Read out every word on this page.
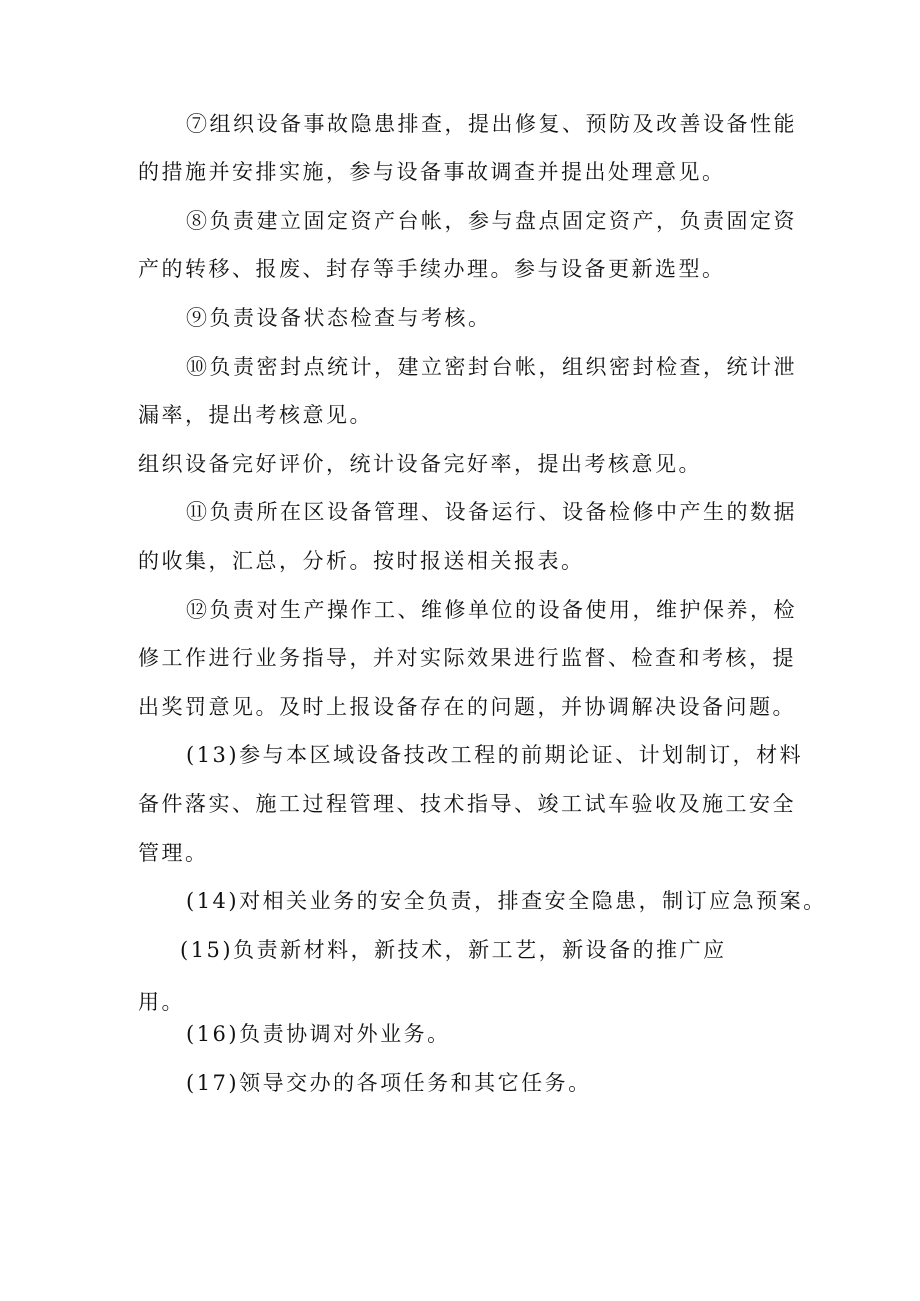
⑦组织设备事故隐患排查，提出修复、预防及改善设备性能
的措施并安排实施，参与设备事故调查并提出处理意见。
⑧负责建立固定资产台帐，参与盘点固定资产，负责固定资
产的转移、报废、封存等手续办理。参与设备更新选型。
⑨负责设备状态检查与考核。
⑩负责密封点统计，建立密封台帐，组织密封检查，统计泄
漏率，提出考核意见。
组织设备完好评价，统计设备完好率，提出考核意见。
⑪负责所在区设备管理、设备运行、设备检修中产生的数据
的收集，汇总，分析。按时报送相关报表。
⑫负责对生产操作工、维修单位的设备使用，维护保养，检
修工作进行业务指导，并对实际效果进行监督、检查和考核，提
出奖罚意见。及时上报设备存在的问题，并协调解决设备问题。
(13)参与本区域设备技改工程的前期论证、计划制订，材料
备件落实、施工过程管理、技术指导、竣工试车验收及施工安全
管理。
(14)对相关业务的安全负责，排查安全隐患，制订应急预案。
(15)负责新材料，新技术，新工艺，新设备的推广应
用。
(16)负责协调对外业务。
(17)领导交办的各项任务和其它任务。
